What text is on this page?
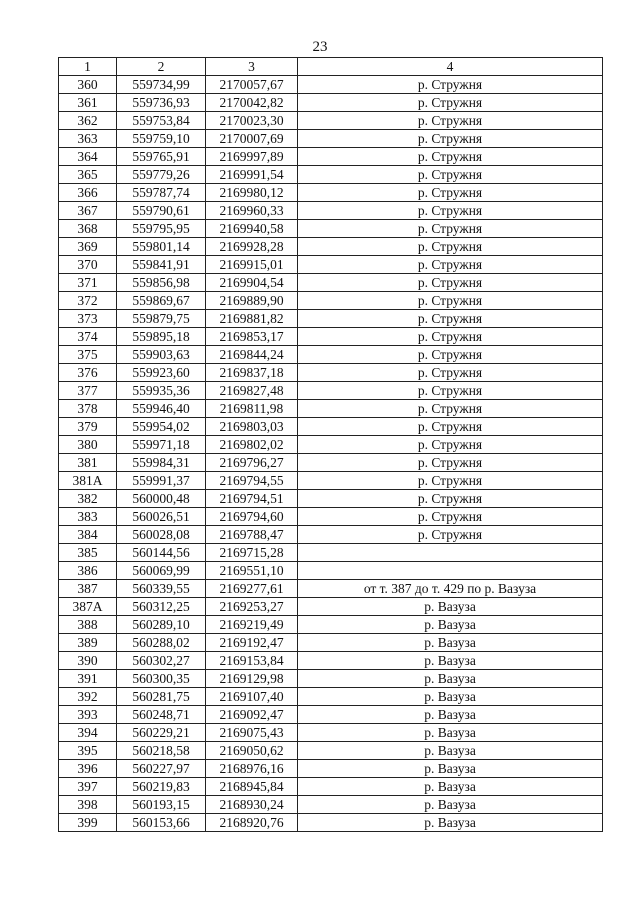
23
1	2	3	4
360	559734,99	2170057,67	р. Стружня
361	559736,93	2170042,82	р. Стружня
362	559753,84	2170023,30	р. Стружня
363	559759,10	2170007,69	р. Стружня
364	559765,91	2169997,89	р. Стружня
365	559779,26	2169991,54	р. Стружня
366	559787,74	2169980,12	р. Стружня
367	559790,61	2169960,33	р. Стружня
368	559795,95	2169940,58	р. Стружня
369	559801,14	2169928,28	р. Стружня
370	559841,91	2169915,01	р. Стружня
371	559856,98	2169904,54	р. Стружня
372	559869,67	2169889,90	р. Стружня
373	559879,75	2169881,82	р. Стружня
374	559895,18	2169853,17	р. Стружня
375	559903,63	2169844,24	р. Стружня
376	559923,60	2169837,18	р. Стружня
377	559935,36	2169827,48	р. Стружня
378	559946,40	2169811,98	р. Стружня
379	559954,02	2169803,03	р. Стружня
380	559971,18	2169802,02	р. Стружня
381	559984,31	2169796,27	р. Стружня
381А	559991,37	2169794,55	р. Стружня
382	560000,48	2169794,51	р. Стружня
383	560026,51	2169794,60	р. Стружня
384	560028,08	2169788,47	р. Стружня
385	560144,56	2169715,28	
386	560069,99	2169551,10	
387	560339,55	2169277,61	от т. 387 до т. 429 по р. Вазуза
387А	560312,25	2169253,27	р. Вазуза
388	560289,10	2169219,49	р. Вазуза
389	560288,02	2169192,47	р. Вазуза
390	560302,27	2169153,84	р. Вазуза
391	560300,35	2169129,98	р. Вазуза
392	560281,75	2169107,40	р. Вазуза
393	560248,71	2169092,47	р. Вазуза
394	560229,21	2169075,43	р. Вазуза
395	560218,58	2169050,62	р. Вазуза
396	560227,97	2168976,16	р. Вазуза
397	560219,83	2168945,84	р. Вазуза
398	560193,15	2168930,24	р. Вазуза
399	560153,66	2168920,76	р. Вазуза
